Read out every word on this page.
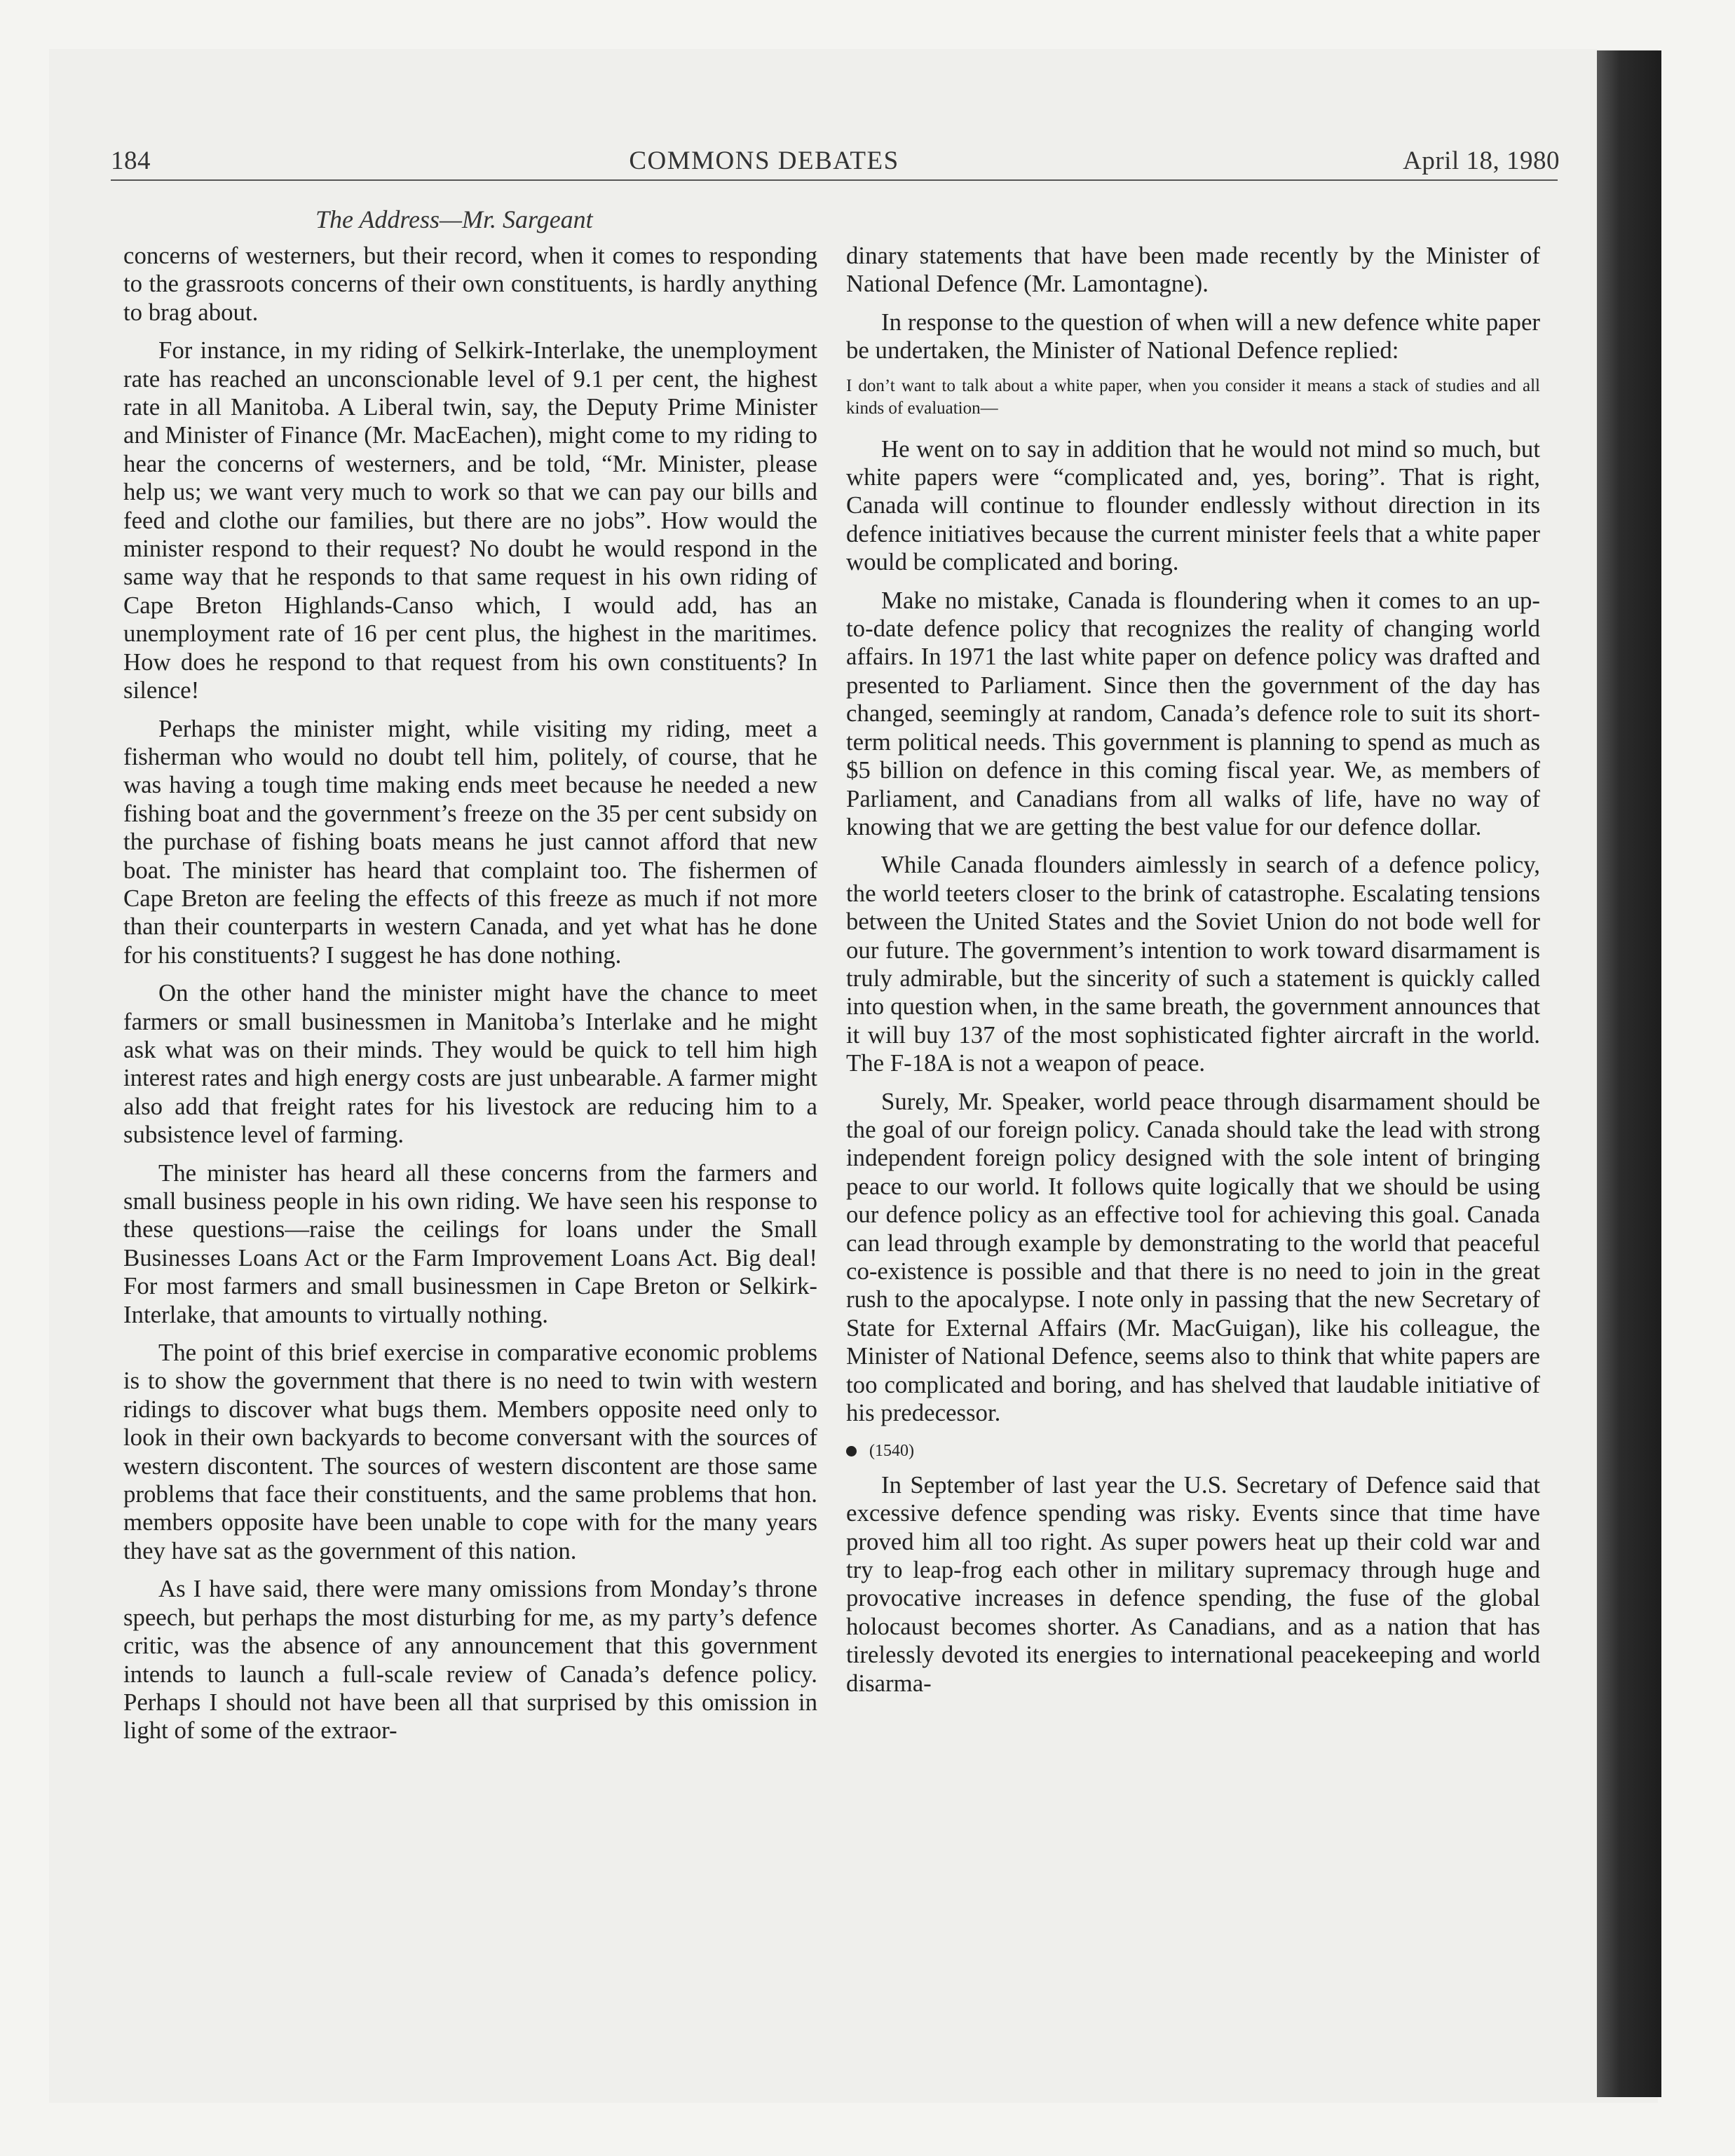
184	COMMONS DEBATES	April 18, 1980
The Address—Mr. Sargeant

concerns of westerners, but their record, when it comes to responding to the grassroots concerns of their own constituents, is hardly anything to brag about.

For instance, in my riding of Selkirk-Interlake, the unemployment rate has reached an unconscionable level of 9.1 per cent, the highest rate in all Manitoba. A Liberal twin, say, the Deputy Prime Minister and Minister of Finance (Mr. MacEachen), might come to my riding to hear the concerns of westerners, and be told, “Mr. Minister, please help us; we want very much to work so that we can pay our bills and feed and clothe our families, but there are no jobs”. How would the minister respond to their request? No doubt he would respond in the same way that he responds to that same request in his own riding of Cape Breton Highlands-Canso which, I would add, has an unemployment rate of 16 per cent plus, the highest in the maritimes. How does he respond to that request from his own constituents? In silence!

Perhaps the minister might, while visiting my riding, meet a fisherman who would no doubt tell him, politely, of course, that he was having a tough time making ends meet because he needed a new fishing boat and the government’s freeze on the 35 per cent subsidy on the purchase of fishing boats means he just cannot afford that new boat. The minister has heard that complaint too. The fishermen of Cape Breton are feeling the effects of this freeze as much if not more than their counterparts in western Canada, and yet what has he done for his constituents? I suggest he has done nothing.

On the other hand the minister might have the chance to meet farmers or small businessmen in Manitoba’s Interlake and he might ask what was on their minds. They would be quick to tell him high interest rates and high energy costs are just unbearable. A farmer might also add that freight rates for his livestock are reducing him to a subsistence level of farming.

The minister has heard all these concerns from the farmers and small business people in his own riding. We have seen his response to these questions—raise the ceilings for loans under the Small Businesses Loans Act or the Farm Improvement Loans Act. Big deal! For most farmers and small businessmen in Cape Breton or Selkirk-Interlake, that amounts to virtually nothing.

The point of this brief exercise in comparative economic problems is to show the government that there is no need to twin with western ridings to discover what bugs them. Members opposite need only to look in their own backyards to become conversant with the sources of western discontent. The sources of western discontent are those same problems that face their constituents, and the same problems that hon. members opposite have been unable to cope with for the many years they have sat as the government of this nation.

As I have said, there were many omissions from Monday’s throne speech, but perhaps the most disturbing for me, as my party’s defence critic, was the absence of any announcement that this government intends to launch a full-scale review of Canada’s defence policy. Perhaps I should not have been all that surprised by this omission in light of some of the extraor-

dinary statements that have been made recently by the Minister of National Defence (Mr. Lamontagne).

In response to the question of when will a new defence white paper be undertaken, the Minister of National Defence replied:

I don’t want to talk about a white paper, when you consider it means a stack of studies and all kinds of evaluation—

He went on to say in addition that he would not mind so much, but white papers were “complicated and, yes, boring”. That is right, Canada will continue to flounder endlessly without direction in its defence initiatives because the current minister feels that a white paper would be complicated and boring.

Make no mistake, Canada is floundering when it comes to an up-to-date defence policy that recognizes the reality of changing world affairs. In 1971 the last white paper on defence policy was drafted and presented to Parliament. Since then the government of the day has changed, seemingly at random, Canada’s defence role to suit its short-term political needs. This government is planning to spend as much as $5 billion on defence in this coming fiscal year. We, as members of Parliament, and Canadians from all walks of life, have no way of knowing that we are getting the best value for our defence dollar.

While Canada flounders aimlessly in search of a defence policy, the world teeters closer to the brink of catastrophe. Escalating tensions between the United States and the Soviet Union do not bode well for our future. The government’s intention to work toward disarmament is truly admirable, but the sincerity of such a statement is quickly called into question when, in the same breath, the government announces that it will buy 137 of the most sophisticated fighter aircraft in the world. The F-18A is not a weapon of peace.

Surely, Mr. Speaker, world peace through disarmament should be the goal of our foreign policy. Canada should take the lead with strong independent foreign policy designed with the sole intent of bringing peace to our world. It follows quite logically that we should be using our defence policy as an effective tool for achieving this goal. Canada can lead through example by demonstrating to the world that peaceful co-existence is possible and that there is no need to join in the great rush to the apocalypse. I note only in passing that the new Secretary of State for External Affairs (Mr. MacGuigan), like his colleague, the Minister of National Defence, seems also to think that white papers are too complicated and boring, and has shelved that laudable initiative of his predecessor.

(1540)

In September of last year the U.S. Secretary of Defence said that excessive defence spending was risky. Events since that time have proved him all too right. As super powers heat up their cold war and try to leap-frog each other in military supremacy through huge and provocative increases in defence spending, the fuse of the global holocaust becomes shorter. As Canadians, and as a nation that has tirelessly devoted its energies to international peacekeeping and world disarma-
